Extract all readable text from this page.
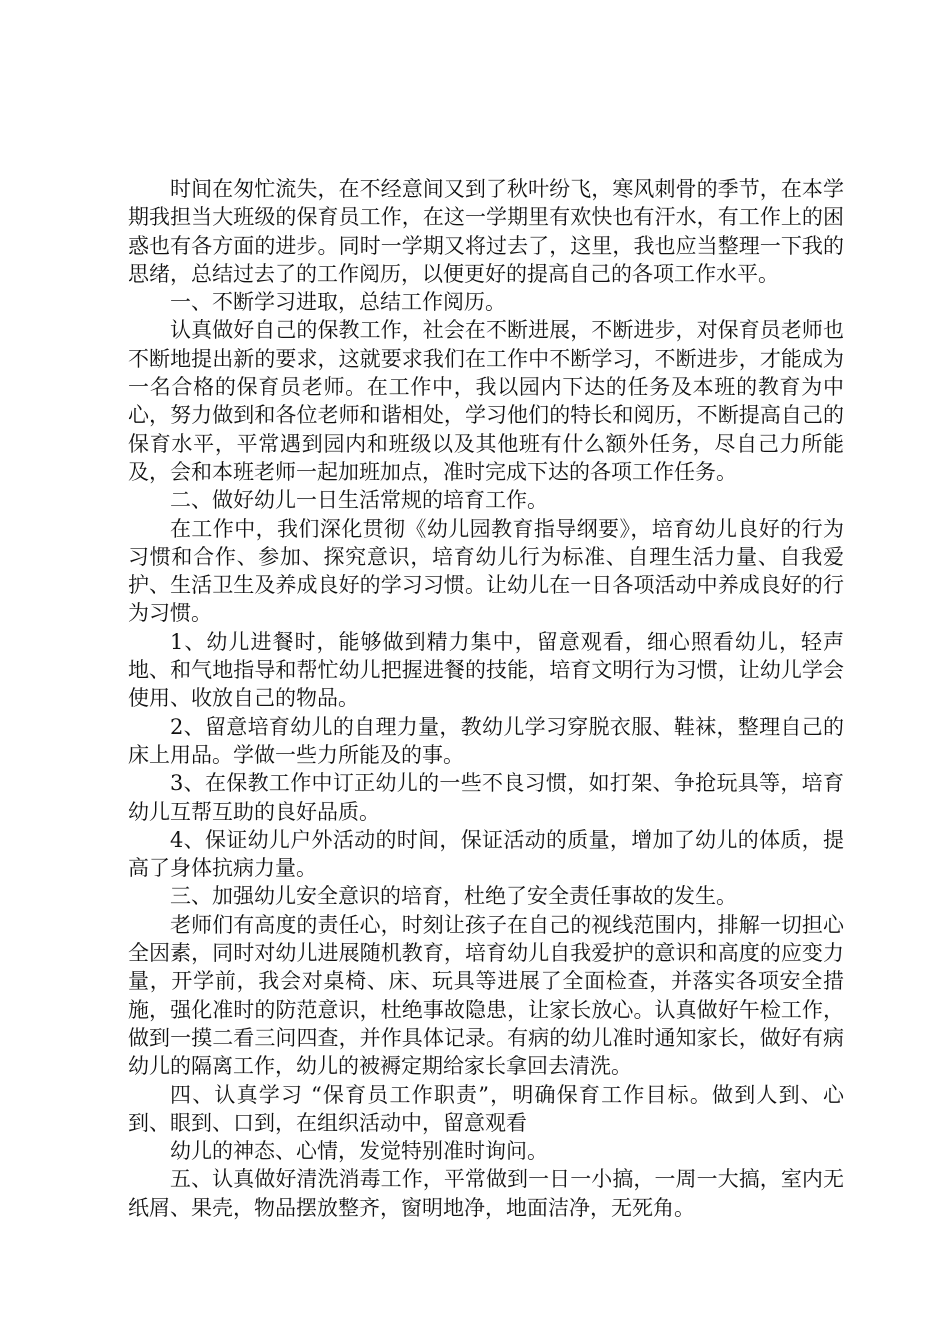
时间在匆忙流失，在不经意间又到了秋叶纷飞，寒风刺骨的季节，在本学期我担当大班级的保育员工作，在这一学期里有欢快也有汗水，有工作上的困惑也有各方面的进步。同时一学期又将过去了，这里，我也应当整理一下我的思绪，总结过去了的工作阅历，以便更好的提高自己的各项工作水平。

一、不断学习进取，总结工作阅历。

认真做好自己的保教工作，社会在不断进展，不断进步，对保育员老师也不断地提出新的要求，这就要求我们在工作中不断学习，不断进步，才能成为一名合格的保育员老师。在工作中，我以园内下达的任务及本班的教育为中心，努力做到和各位老师和谐相处，学习他们的特长和阅历，不断提高自己的保育水平，平常遇到园内和班级以及其他班有什么额外任务，尽自己力所能及，会和本班老师一起加班加点，准时完成下达的各项工作任务。

二、做好幼儿一日生活常规的培育工作。

在工作中，我们深化贯彻《幼儿园教育指导纲要》，培育幼儿良好的行为习惯和合作、参加、探究意识，培育幼儿行为标准、自理生活力量、自我爱护、生活卫生及养成良好的学习习惯。让幼儿在一日各项活动中养成良好的行为习惯。

1、幼儿进餐时，能够做到精力集中，留意观看，细心照看幼儿，轻声地、和气地指导和帮忙幼儿把握进餐的技能，培育文明行为习惯，让幼儿学会使用、收放自己的物品。

2、留意培育幼儿的自理力量，教幼儿学习穿脱衣服、鞋袜，整理自己的床上用品。学做一些力所能及的事。

3、在保教工作中订正幼儿的一些不良习惯，如打架、争抢玩具等，培育幼儿互帮互助的良好品质。

4、保证幼儿户外活动的时间，保证活动的质量，增加了幼儿的体质，提高了身体抗病力量。

三、加强幼儿安全意识的培育，杜绝了安全责任事故的发生。

老师们有高度的责任心，时刻让孩子在自己的视线范围内，排解一切担心全因素，同时对幼儿进展随机教育，培育幼儿自我爱护的意识和高度的应变力量，开学前，我会对桌椅、床、玩具等进展了全面检查，并落实各项安全措施，强化准时的防范意识，杜绝事故隐患，让家长放心。认真做好午检工作，做到一摸二看三问四查，并作具体记录。有病的幼儿准时通知家长，做好有病幼儿的隔离工作，幼儿的被褥定期给家长拿回去清洗。

四、认真学习 “保育员工作职责”，明确保育工作目标。做到人到、心到、眼到、口到，在组织活动中，留意观看

幼儿的神态、心情，发觉特别准时询问。

五、认真做好清洗消毒工作，平常做到一日一小搞，一周一大搞，室内无纸屑、果壳，物品摆放整齐，窗明地净，地面洁净，无死角。
